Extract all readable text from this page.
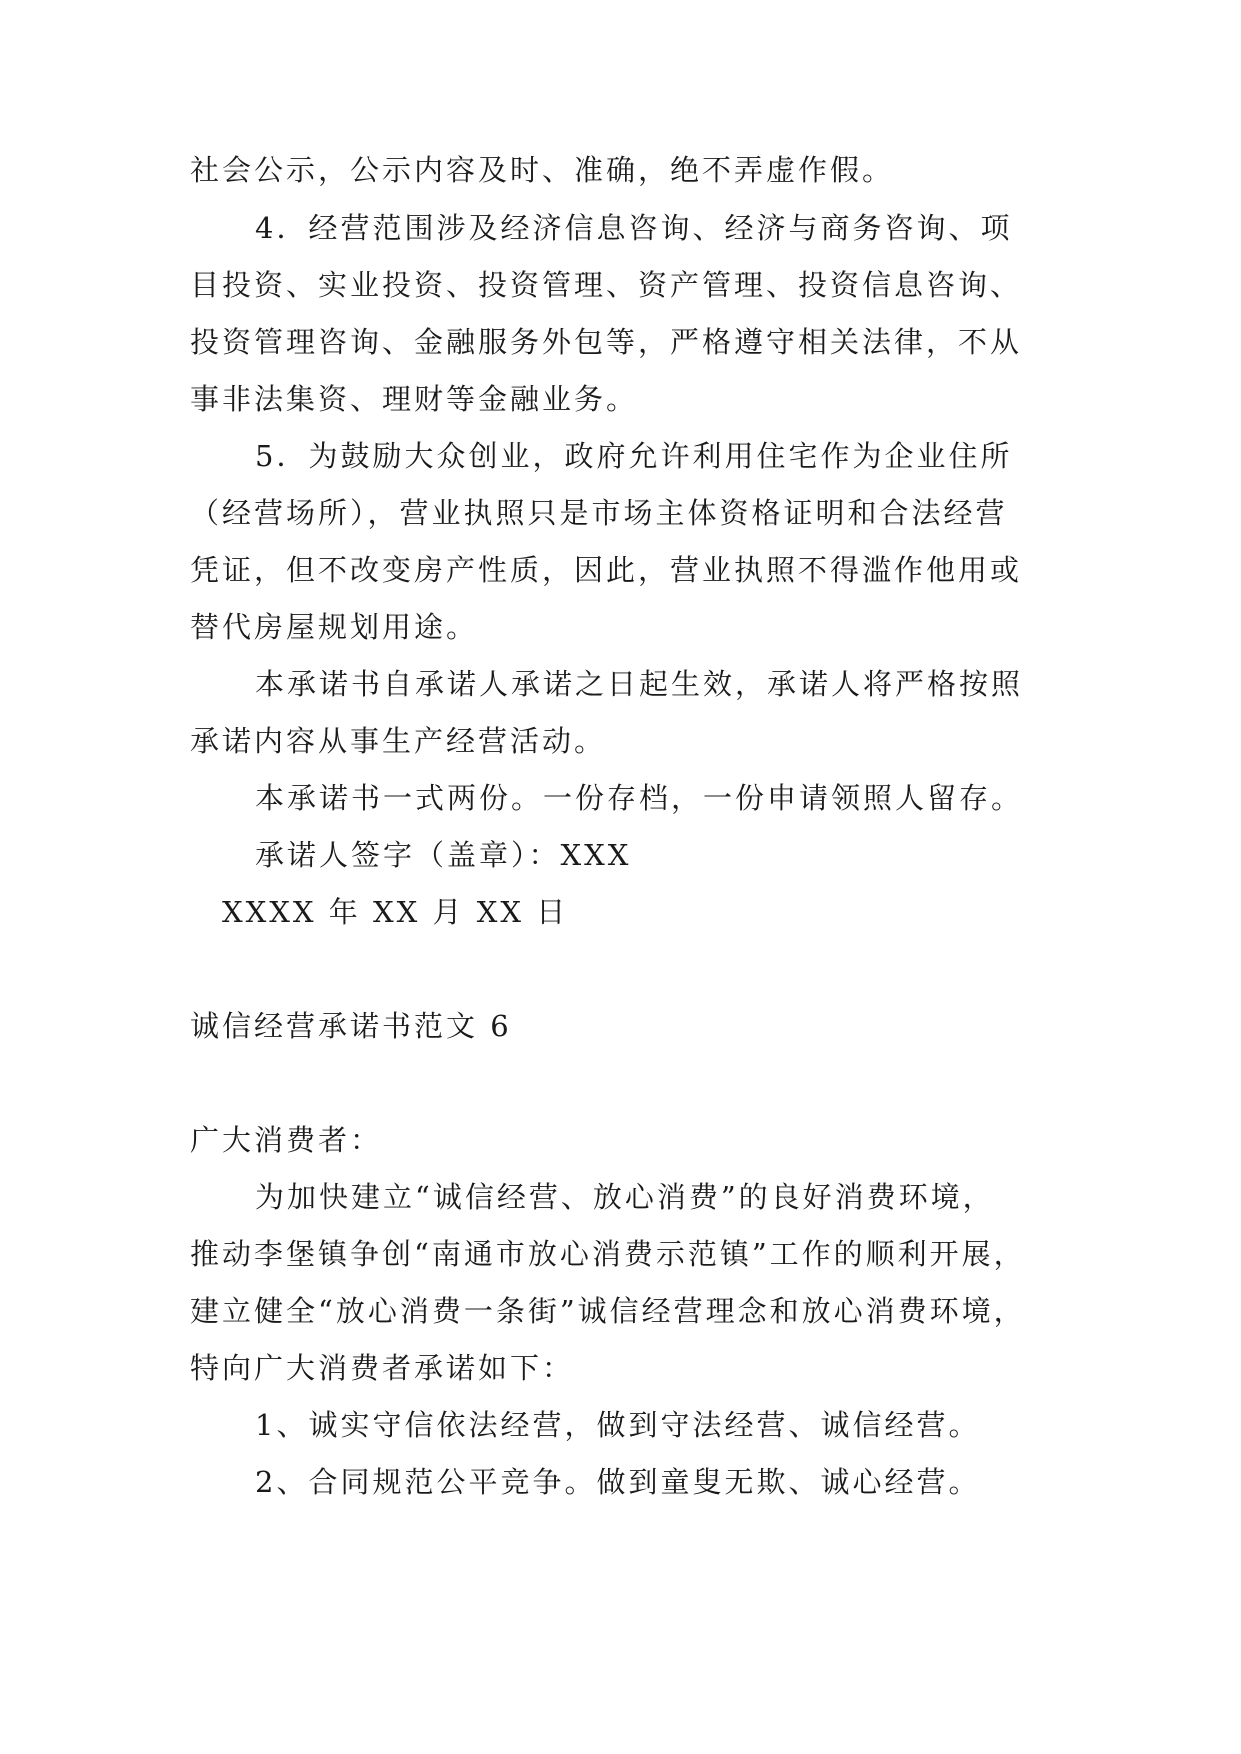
社会公示，公示内容及时、准确，绝不弄虚作假。
4．经营范围涉及经济信息咨询、经济与商务咨询、项
目投资、实业投资、投资管理、资产管理、投资信息咨询、
投资管理咨询、金融服务外包等，严格遵守相关法律，不从
事非法集资、理财等金融业务。
5．为鼓励大众创业，政府允许利用住宅作为企业住所
（经营场所），营业执照只是市场主体资格证明和合法经营
凭证，但不改变房产性质，因此，营业执照不得滥作他用或
替代房屋规划用途。
本承诺书自承诺人承诺之日起生效，承诺人将严格按照
承诺内容从事生产经营活动。
本承诺书一式两份。一份存档，一份申请领照人留存。
承诺人签字（盖章）：XXX
XXXX 年 XX 月 XX 日
诚信经营承诺书范文 6
广大消费者：
为加快建立“诚信经营、放心消费”的良好消费环境，
推动李堡镇争创“南通市放心消费示范镇”工作的顺利开展，
建立健全“放心消费一条街”诚信经营理念和放心消费环境，
特向广大消费者承诺如下：
1、诚实守信依法经营，做到守法经营、诚信经营。
2、合同规范公平竞争。做到童叟无欺、诚心经营。
